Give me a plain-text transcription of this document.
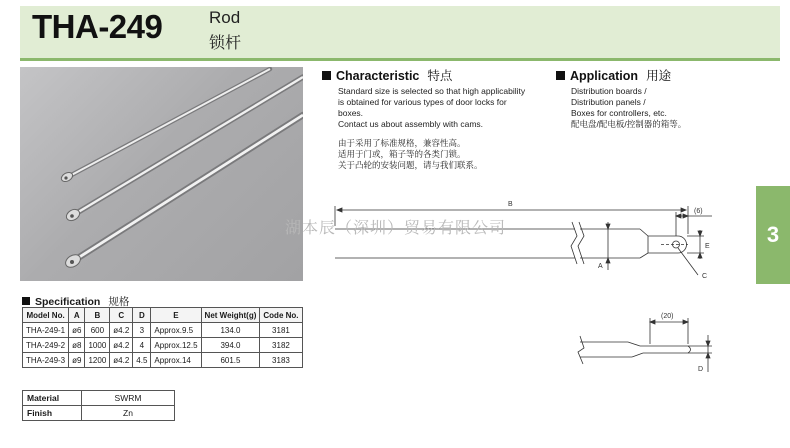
THA-249	Rod
锁杆
Characteristic 特点
Standard size is selected so that high applicability
is obtained for various types of door locks for
boxes.
Contact us about assembly with cams.
由于采用了标准规格，兼容性高。
适用于门或，箱子等的各类门锁。
关于凸轮的安装问题，请与我们联系。
Application 用途
Distribution boards /
Distribution panels /
Boxes for controllers, etc.
配电盘/配电板/控制器的箱等。
3
B
(6)
E
A
C
(20)
D
湖本辰（深圳）贸易有限公司
Specification 规格
Model No.	A	B	C	D	E	Net Weight(g)	Code No.
THA-249-1	ø6	600	ø4.2	3	Approx.9.5	134.0	3181
THA-249-2	ø8	1000	ø4.2	4	Approx.12.5	394.0	3182
THA-249-3	ø9	1200	ø4.2	4.5	Approx.14	601.5	3183
Material	SWRM
Finish	Zn
